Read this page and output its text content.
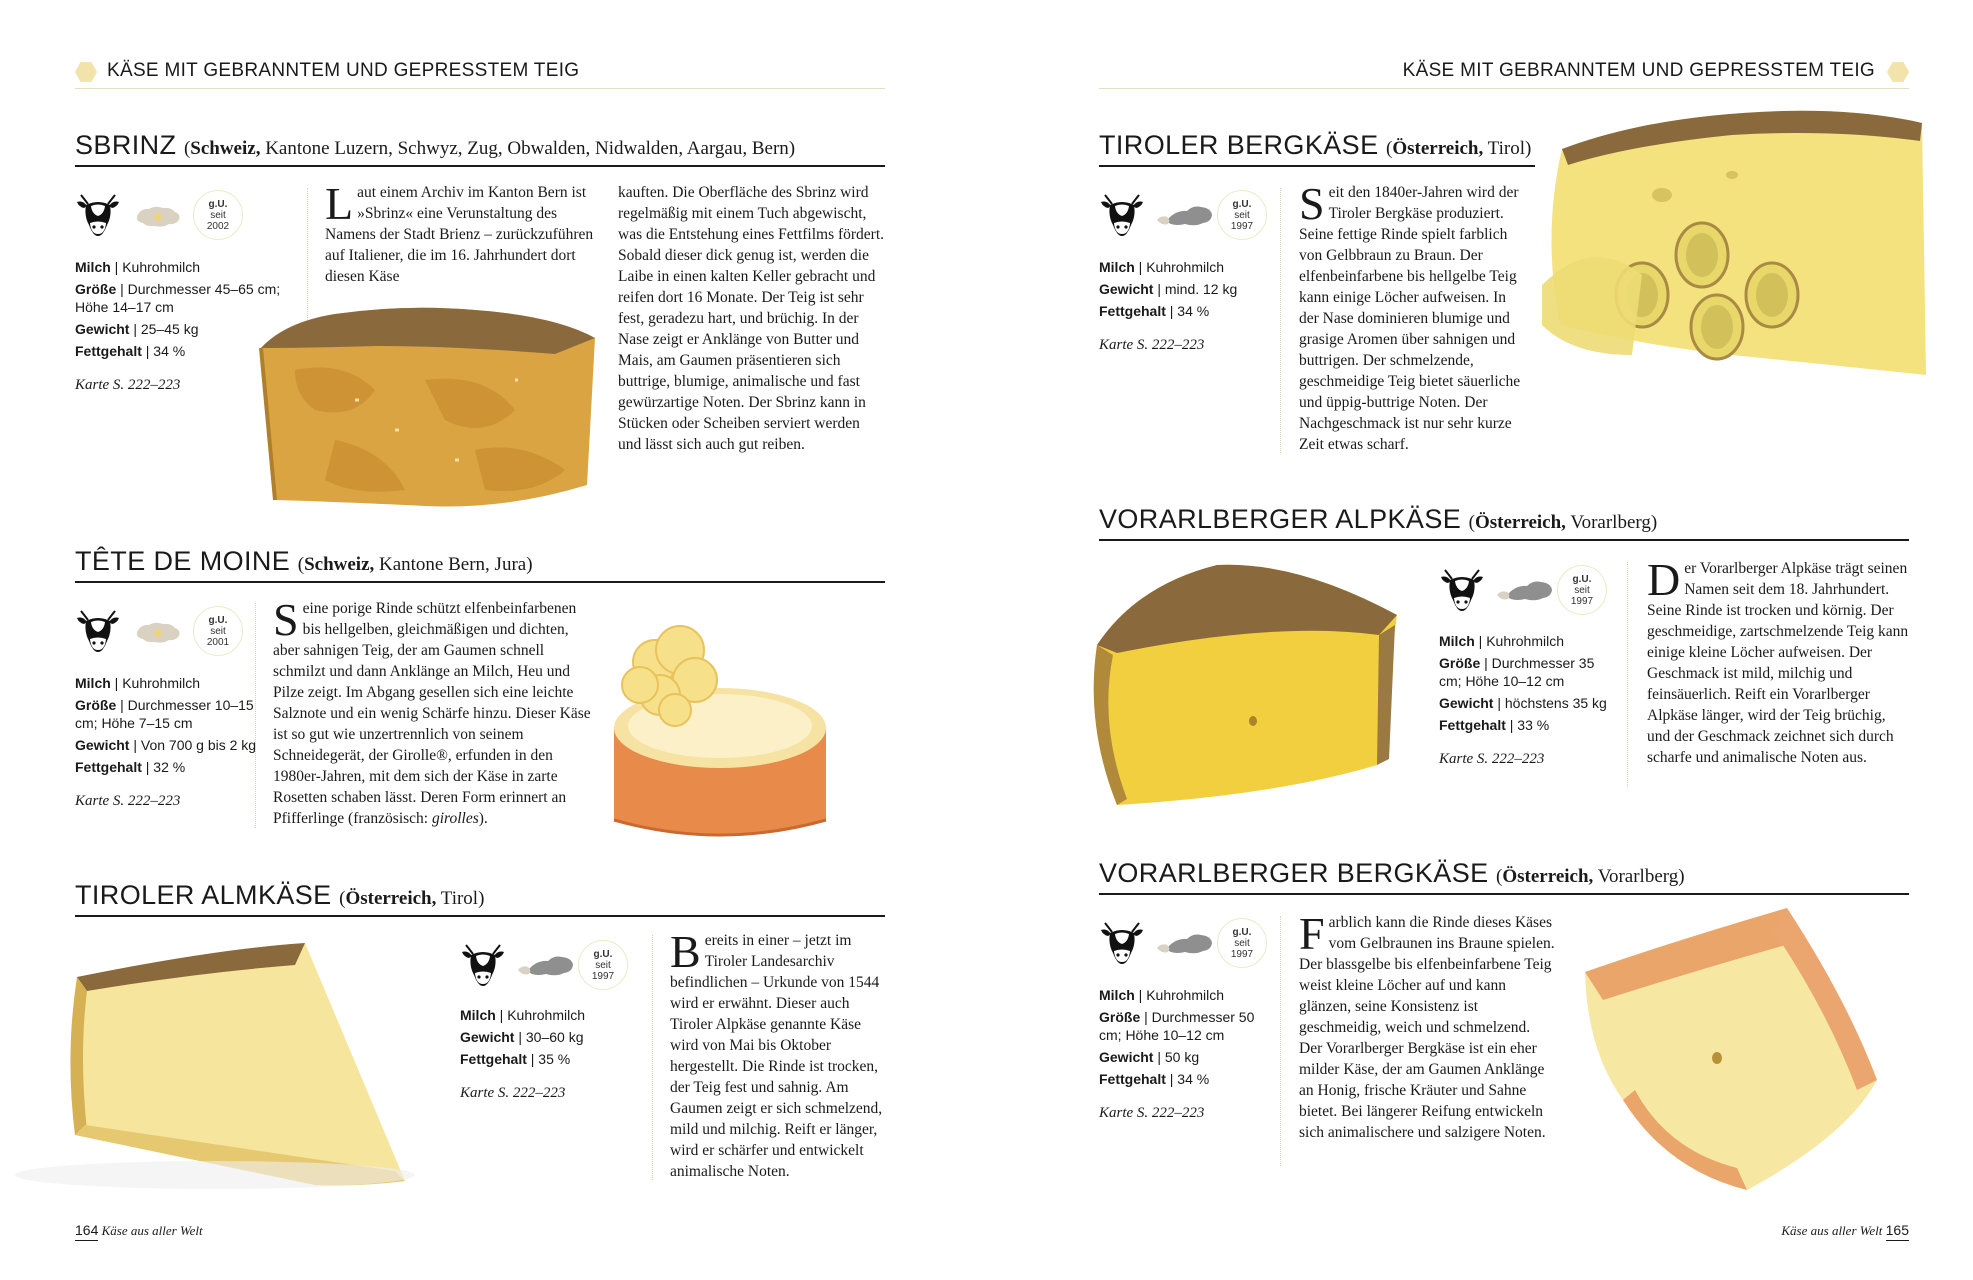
KÄSE MIT GEBRANNTEM UND GEPRESSTEM TEIG
SBRINZ (Schweiz, Kantone Luzern, Schwyz, Zug, Obwalden, Nidwalden, Aargau, Bern)
g.U.
seit
2002

Milch | Kuhrohmilch

Größe | Durchmesser 45–65 cm; Höhe 14–17 cm

Gewicht | 25–45 kg

Fettgehalt | 34 %

Karte S. 222–223

Laut einem Archiv im Kanton Bern ist »Sbrinz« eine Verunstaltung des Namens der Stadt Brienz – zurückzuführen auf Italiener, die im 16. Jahrhundert dort diesen Käse

kauften. Die Oberfläche des Sbrinz wird regelmäßig mit einem Tuch abgewischt, was die Entstehung eines Fettfilms fördert. Sobald dieser dick genug ist, werden die Laibe in einen kalten Keller gebracht und reifen dort 16 Monate. Der Teig ist sehr fest, geradezu hart, und brüchig. In der Nase zeigt er Anklänge von Butter und Mais, am Gaumen präsentieren sich buttrige, blumige, animalische und fast gewürzartige Noten. Der Sbrinz kann in Stücken oder Scheiben serviert werden und lässt sich auch gut reiben.

TÊTE DE MOINE (Schweiz, Kantone Bern, Jura)
g.U.
seit
2001

Milch | Kuhrohmilch

Größe | Durchmesser 10–15 cm; Höhe 7–15 cm

Gewicht | Von 700 g bis 2 kg

Fettgehalt | 32 %

Karte S. 222–223

Seine porige Rinde schützt elfenbeinfarbenen bis hellgelben, gleichmäßigen und dichten, aber sahnigen Teig, der am Gaumen schnell schmilzt und dann Anklänge an Milch, Heu und Pilze zeigt. Im Abgang gesellen sich eine leichte Salznote und ein wenig Schärfe hinzu. Dieser Käse ist so gut wie unzertrennlich von seinem Schneidegerät, der Girolle®, erfunden in den 1980er-Jahren, mit dem sich der Käse in zarte Rosetten schaben lässt. Deren Form erinnert an Pfifferlinge (französisch: girolles).

TIROLER ALMKÄSE (Österreich, Tirol)
g.U.
seit
1997

Milch | Kuhrohmilch

Gewicht | 30–60 kg

Fettgehalt | 35 %

Karte S. 222–223

Bereits in einer – jetzt im Tiroler Landesarchiv befindlichen – Urkunde von 1544 wird er erwähnt. Dieser auch Tiroler Alpkäse genannte Käse wird von Mai bis Oktober hergestellt. Die Rinde ist trocken, der Teig fest und sahnig. Am Gaumen zeigt er sich schmelzend, mild und milchig. Reift er länger, wird er schärfer und entwickelt animalische Noten.

164 Käse aus aller Welt
KÄSE MIT GEBRANNTEM UND GEPRESSTEM TEIG
TIROLER BERGKÄSE (Österreich, Tirol)
g.U.
seit
1997

Milch | Kuhrohmilch

Gewicht | mind. 12 kg

Fettgehalt | 34 %

Karte S. 222–223

Seit den 1840er-Jahren wird der Tiroler Bergkäse produziert. Seine fettige Rinde spielt farblich von Gelbbraun zu Braun. Der elfenbeinfarbene bis hellgelbe Teig kann einige Löcher aufweisen. In der Nase dominieren blumige und grasige Aromen über sahnigen und buttrigen. Der schmelzende, geschmeidige Teig bietet säuerliche und üppig-buttrige Noten. Der Nachgeschmack ist nur sehr kurze Zeit etwas scharf.

VORARLBERGER ALPKÄSE (Österreich, Vorarlberg)
g.U.
seit
1997

Milch | Kuhrohmilch

Größe | Durchmesser 35 cm; Höhe 10–12 cm

Gewicht | höchstens 35 kg

Fettgehalt | 33 %

Karte S. 222–223

Der Vorarlberger Alpkäse trägt seinen Namen seit dem 18. Jahrhundert. Seine Rinde ist trocken und körnig. Der geschmeidige, zartschmelzende Teig kann einige kleine Löcher aufweisen. Der Geschmack ist mild, milchig und feinsäuerlich. Reift ein Vorarlberger Alpkäse länger, wird der Teig brüchig, und der Geschmack zeichnet sich durch scharfe und animalische Noten aus.

VORARLBERGER BERGKÄSE (Österreich, Vorarlberg)
g.U.
seit
1997

Milch | Kuhrohmilch

Größe | Durchmesser 50 cm; Höhe 10–12 cm

Gewicht | 50 kg

Fettgehalt | 34 %

Karte S. 222–223

Farblich kann die Rinde dieses Käses vom Gelbraunen ins Braune spielen. Der blassgelbe bis elfenbeinfarbene Teig weist kleine Löcher auf und kann glänzen, seine Konsistenz ist geschmeidig, weich und schmelzend. Der Vorarlberger Bergkäse ist ein eher milder Käse, der am Gaumen Anklänge an Honig, frische Kräuter und Sahne bietet. Bei längerer Reifung entwickeln sich animalischere und salzigere Noten.

Käse aus aller Welt 165
